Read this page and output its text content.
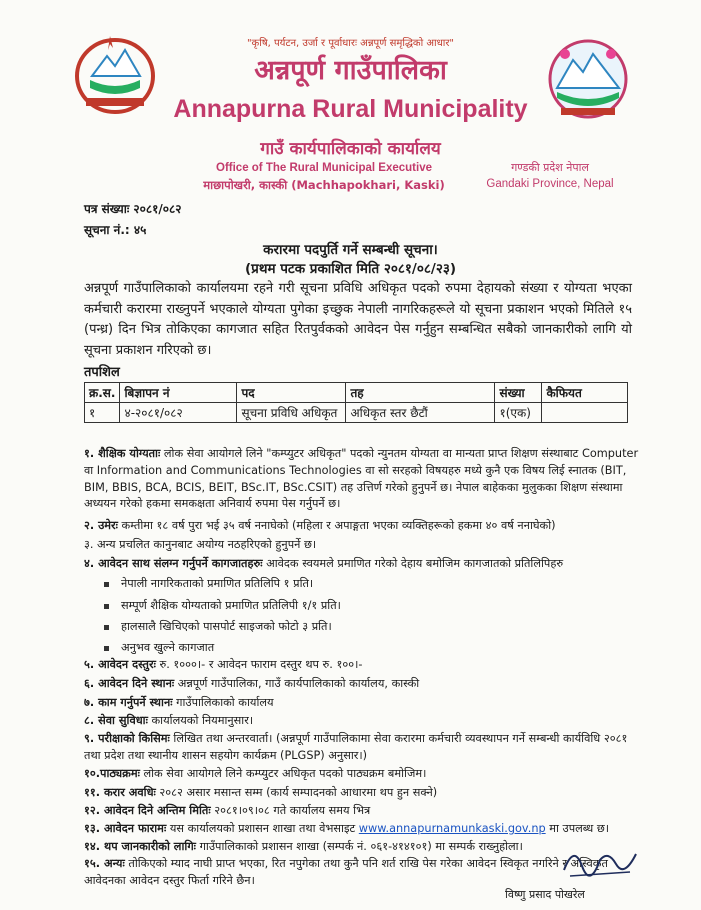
"कृषि, पर्यटन, उर्जा र पूर्वाधारः अन्नपूर्ण समृद्धिको आधार"
अन्नपूर्ण गाउँपालिका
Annapurna Rural Municipality
गाउँ कार्यपालिकाको कार्यालय
Office of The Rural Municipal Executive
माछापोखरी, कास्की (Machhapokhari, Kaski)
गण्डकी प्रदेश नेपाल
Gandaki Province, Nepal
पत्र संख्याः २०८१/०८२
सूचना नं.: ४५
करारमा पदपुर्ति गर्ने सम्बन्धी सूचना।
(प्रथम पटक प्रकाशित मिति २०८१/०८/२३)
अन्नपूर्ण गाउँपालिकाको कार्यालयमा रहने गरी सूचना प्रविधि अधिकृत पदको रुपमा देहायको संख्या र योग्यता भएका कर्मचारी करारमा राख्नुपर्ने भएकाले योग्यता पुगेका इच्छुक नेपाली नागरिकहरूले यो सूचना प्रकाशन भएको मितिले १५ (पन्ध्र) दिन भित्र तोकिएका कागजात सहित रितपुर्वकको आवेदन पेस गर्नुहुन सम्बन्धित सबैको जानकारीको लागि यो सूचना प्रकाशन गरिएको छ।
तपशिल
क्र.स.	बिज्ञापन नं	पद	तह	संख्या	कैफियत
१	४-२०८१/०८२	सूचना प्रविधि अधिकृत	अधिकृत स्तर छैटौं	१(एक)	
१. शैक्षिक योग्यताः लोक सेवा आयोगले लिने "कम्प्युटर अधिकृत" पदको न्युनतम योग्यता वा मान्यता प्राप्त शिक्षण संस्थाबाट Computer वा Information and Communications Technologies वा सो सरहको विषयहरु मध्ये कुनै एक विषय लिई स्नातक (BIT, BIM, BBIS, BCA, BCIS, BEIT, BSc.IT, BSc.CSIT) तह उत्तिर्ण गरेको हुनुपर्ने छ। नेपाल बाहेकका मुलुकका शिक्षण संस्थामा अध्ययन गरेको हकमा समकक्षता अनिवार्य रुपमा पेस गर्नुपर्ने छ।
२. उमेरः कम्तीमा १८ वर्ष पुरा भई ३५ वर्ष ननाघेको (महिला र अपाङ्गता भएका व्यक्तिहरूको हकमा ४० वर्ष ननाघेको)
३. अन्य प्रचलित कानुनबाट अयोग्य नठहरिएको हुनुपर्ने छ।
४. आवेदन साथ संलग्न गर्नुपर्ने कागजातहरुः आवेदक स्वयमले प्रमाणित गरेको देहाय बमोजिम कागजातको प्रतिलिपिहरु
नेपाली नागरिकताको प्रमाणित प्रतिलिपि १ प्रति।
सम्पूर्ण शैक्षिक योग्यताको प्रमाणित प्रतिलिपी १/१ प्रति।
हालसालै खिचिएको पासपोर्ट साइजको फोटो ३ प्रति।
अनुभव खुल्ने कागजात
५. आवेदन दस्तुरः रु. १०००।- र आवेदन फाराम दस्तुर थप रु. १००।-
६. आवेदन दिने स्थानः अन्नपूर्ण गाउँपालिका, गाउँ कार्यपालिकाको कार्यालय, कास्की
७. काम गर्नुपर्ने स्थानः गाउँपालिकाको कार्यालय
८. सेवा सुविधाः कार्यालयको नियमानुसार।
९. परीक्षाको किसिमः लिखित तथा अन्तरवार्ता। (अन्नपूर्ण गाउँपालिकामा सेवा करारमा कर्मचारी व्यवस्थापन गर्ने सम्बन्धी कार्यविधि २०८१ तथा प्रदेश तथा स्थानीय शासन सहयोग कार्यक्रम (PLGSP) अनुसार।)
१०.पाठ्यक्रमः लोक सेवा आयोगले लिने कम्प्युटर अधिकृत पदको पाठ्यक्रम बमोजिम।
११. करार अवधिः २०८२ असार मसान्त सम्म (कार्य सम्पादनको आधारमा थप हुन सक्ने)
१२. आवेदन दिने अन्तिम मितिः २०८१।०९।०८ गते कार्यालय समय भित्र
१३. आवेदन फारामः यस कार्यालयको प्रशासन शाखा तथा वेभसाइट www.annapurnamunkaski.gov.np मा उपलब्ध छ।
१४. थप जानकारीको लागिः गाउँपालिकाको प्रशासन शाखा (सम्पर्क नं. ०६१-४१४१०१) मा सम्पर्क राख्नुहोला।
१५. अन्यः तोकिएको म्याद नाघी प्राप्त भएका, रित नपुगेका तथा कुनै पनि शर्त राखि पेस गरेका आवेदन स्विकृत नगरिने र अस्विकृत आवेदनका आवेदन दस्तुर फिर्ता गरिने छैन।
विष्णु प्रसाद पोखरेल
